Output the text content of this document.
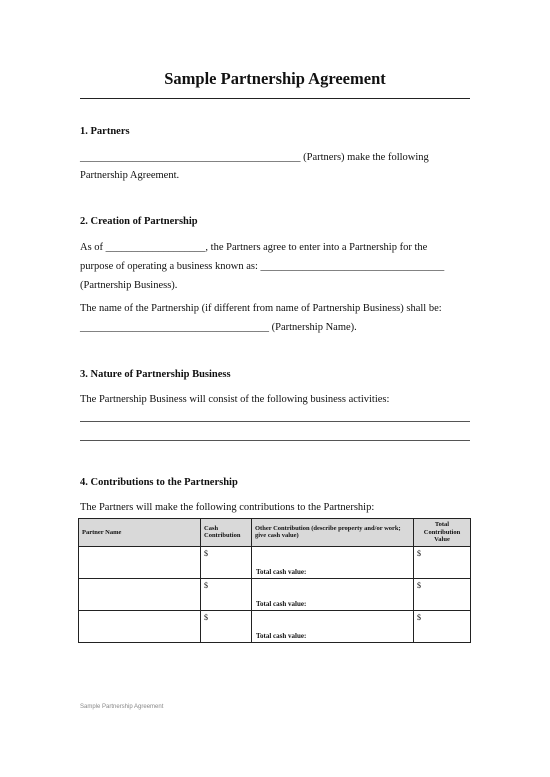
Sample Partnership Agreement
1. Partners
__________________________________________ (Partners) make the following
Partnership Agreement.
2. Creation of Partnership
As of ___________________, the Partners agree to enter into a Partnership for the
purpose of operating a business known as: ___________________________________
(Partnership Business).
The name of the Partnership (if different from name of Partnership Business) shall be:
____________________________________ (Partnership Name).
3. Nature of Partnership Business
The Partnership Business will consist of the following business activities:
4. Contributions to the Partnership
The Partners will make the following contributions to the Partnership:
Partner Name	Cash Contribution	Other Contribution (describe property and/or work; give cash value)	Total Contribution Value

	$	Total cash value:	$

	$	Total cash value:	$

	$	Total cash value:	$
Sample Partnership Agreement
